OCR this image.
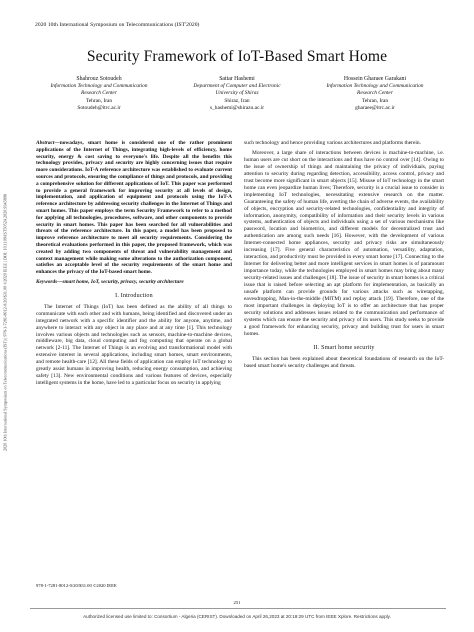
2020 10th International Symposium on Telecommunications (IST'2020)
2020 10th International Symposium on Telecommunications (IST) | 978-1-7281-8012-0/20/$31.00 ©2020 IEEE | DOI: 10.1109/IST50524.2020.9345898
Security Framework of IoT-Based Smart Home
Shahrouz Sotoudeh
Information Technology and Communication
Research Center
Tehran, Iran
Sotoudeh@itrc.ac.ir
Sattar Hashemi
Department of Computer and Electronic
University of Shiraz
Shiraz, Iran
s_hashemi@shirazu.ac.ir
Hossein Gharaee Garakani
Information Technology and Communication
Research Center
Tehran, Iran
gharaee@itrc.ac.ir
Abstract—nowadays, smart home is considered one of the rather prominent applications of the Internet of Things, integrating high-levels of efficiency, home security, energy & cost saving to everyone's life. Despite all the benefits this technology provides, privacy and security are highly concerning issues that require more considerations. IoT-A reference architecture was established to evaluate current sources and protocols, ensuring the compliance of things and protocols, and providing a comprehensive solution for different applications of IoT. This paper was performed to provide a general framework for improving security at all levels of design, implementation, and application of equipment and protocols using the IoT-A reference architecture by addressing security challenges in the Internet of Things and smart homes. This paper employs the term Security Framework to refer to a method for applying all technologies, procedures, software, and other components to provide security in smart homes. This paper has been searched for all vulnerabilities and threats of the reference architecture. In this paper, a model has been proposed to improve reference architecture to meet all security requirements. Considering the theoretical evaluations performed in this paper, the proposed framework, which was created by adding two components of threat and vulnerability management and context management while making some alterations to the authorization component, satisfies an acceptable level of the security requirements of the smart home and enhances the privacy of the IoT-based smart home.
Keywords—smart home, IoT, security, privacy, security architecture
I. Introduction

The Internet of Things (IoT) has been defined as the ability of all things to communicate with each other and with humans, being identified and discovered under an integrated network with a specific identifier and the ability for anyone, anytime, and anywhere to interact with any object in any place and at any time [1]. This technology involves various objects and technologies such as sensors, machine-to-machine devices, middleware, big data, cloud computing and fog computing that operate on a global network [2-11]. The Internet of Things is an evolving and transformational model with extensive interest in several applications, including smart homes, smart environments, and remote health-care [12]. All these fields of application can employ IoT technology to greatly assist humans in improving health, reducing energy consumption, and achieving safety [13]. New environmental conditions and various features of devices, especially intelligent systems in the home, have led to a particular focus on security in applying

such technology and hence providing various architectures and platforms therein.

Moreover, a large share of interactions between devices is machine-to-machine, i.e. human users are cut short on the interactions and thus have no control over [14]. Owing to the issue of ownership of things and maintaining the privacy of individuals, paying attention to security during regarding detection, accessibility, access control, privacy and trust become more significant in smart objects [15]. Misuse of IoT technology in the smart home can even jeopardize human lives; Therefore, security is a crucial issue to consider in implementing IoT technologies, necessitating extensive research on the matter. Guaranteeing the safety of human life, averting the chain of adverse events, the availability of objects, encryption and security-related technologies, confidentiality and integrity of information, anonymity, compatibility of information and their security levels in various systems, authentication of objects and individuals using a set of various mechanisms like password, location and biometrics, and different models for decentralized trust and authentication are among such needs [16]. However, with the development of various Internet-connected home appliances, security and privacy risks are simultaneously increasing [17]. Five general characteristics of automation, versatility, adaptation, interaction, and productivity must be provided in every smart home [17]. Connecting to the Internet for delivering better and more intelligent services in smart homes is of paramount importance today, while the technologies employed in smart homes may bring about many security-related issues and challenges [18]. The issue of security in smart homes is a critical issue that is raised before selecting an apt platform for implementation, as basically an unsafe platform can provide grounds for various attacks such as wiretapping, eavesdropping, Man-in-the-middle (MITM) and replay attack [19]. Therefore, one of the most important challenges in deploying IoT is to offer an architecture that has proper security solutions and addresses issues related to the communication and performance of systems which can ensure the security and privacy of its users. This study seeks to provide a good framework for enhancing security, privacy and building trust for users in smart homes.

II. Smart home security

This section has been explained about theoretical foundations of research on the IoT-based smart home's security challenges and threats.

978-1-7281-8012-0/20/$31.00 ©2020 IEEE
251
Authorized licensed use limited to: Consortium - Algeria (CERIST). Downloaded on April 26,2023 at 20:19:29 UTC from IEEE Xplore. Restrictions apply.
